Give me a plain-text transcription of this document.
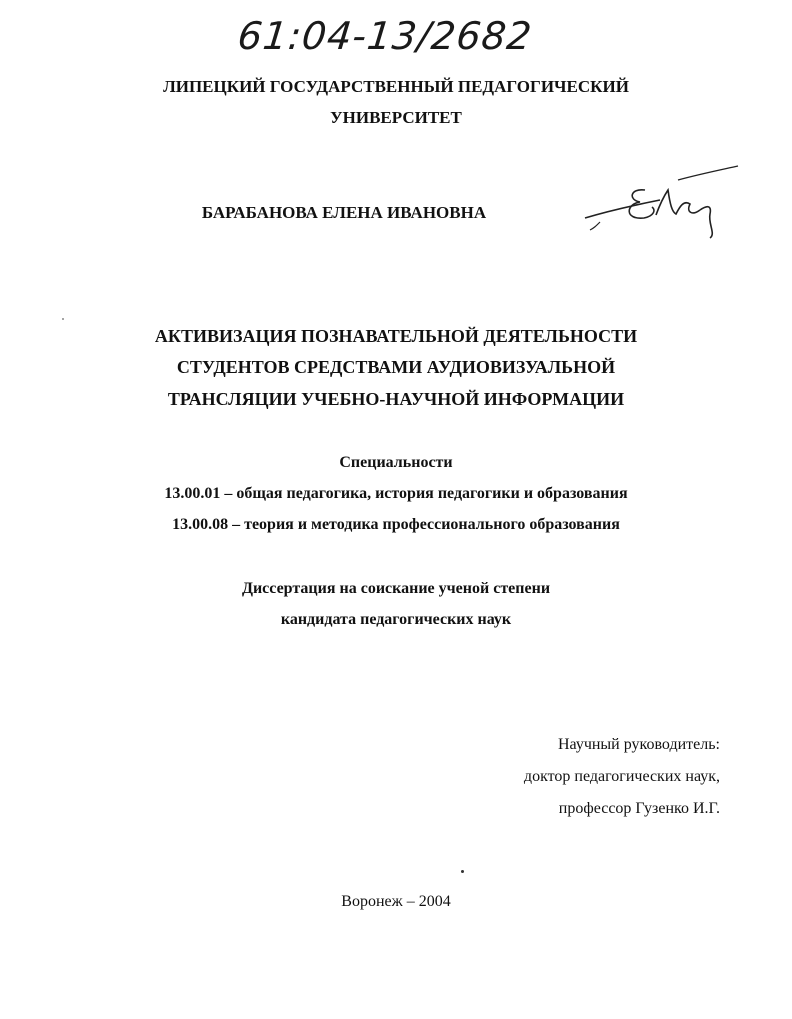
61:04-13/2682
ЛИПЕЦКИЙ ГОСУДАРСТВЕННЫЙ ПЕДАГОГИЧЕСКИЙ
УНИВЕРСИТЕТ
БАРАБАНОВА ЕЛЕНА ИВАНОВНА
АКТИВИЗАЦИЯ ПОЗНАВАТЕЛЬНОЙ ДЕЯТЕЛЬНОСТИ
СТУДЕНТОВ СРЕДСТВАМИ АУДИОВИЗУАЛЬНОЙ
ТРАНСЛЯЦИИ УЧЕБНО-НАУЧНОЙ ИНФОРМАЦИИ
Специальности
13.00.01 – общая педагогика, история педагогики и образования
13.00.08 – теория и методика профессионального образования
Диссертация на соискание ученой степени
кандидата педагогических наук
Научный руководитель:
доктор педагогических наук,
профессор Гузенко И.Г.
Воронеж – 2004
